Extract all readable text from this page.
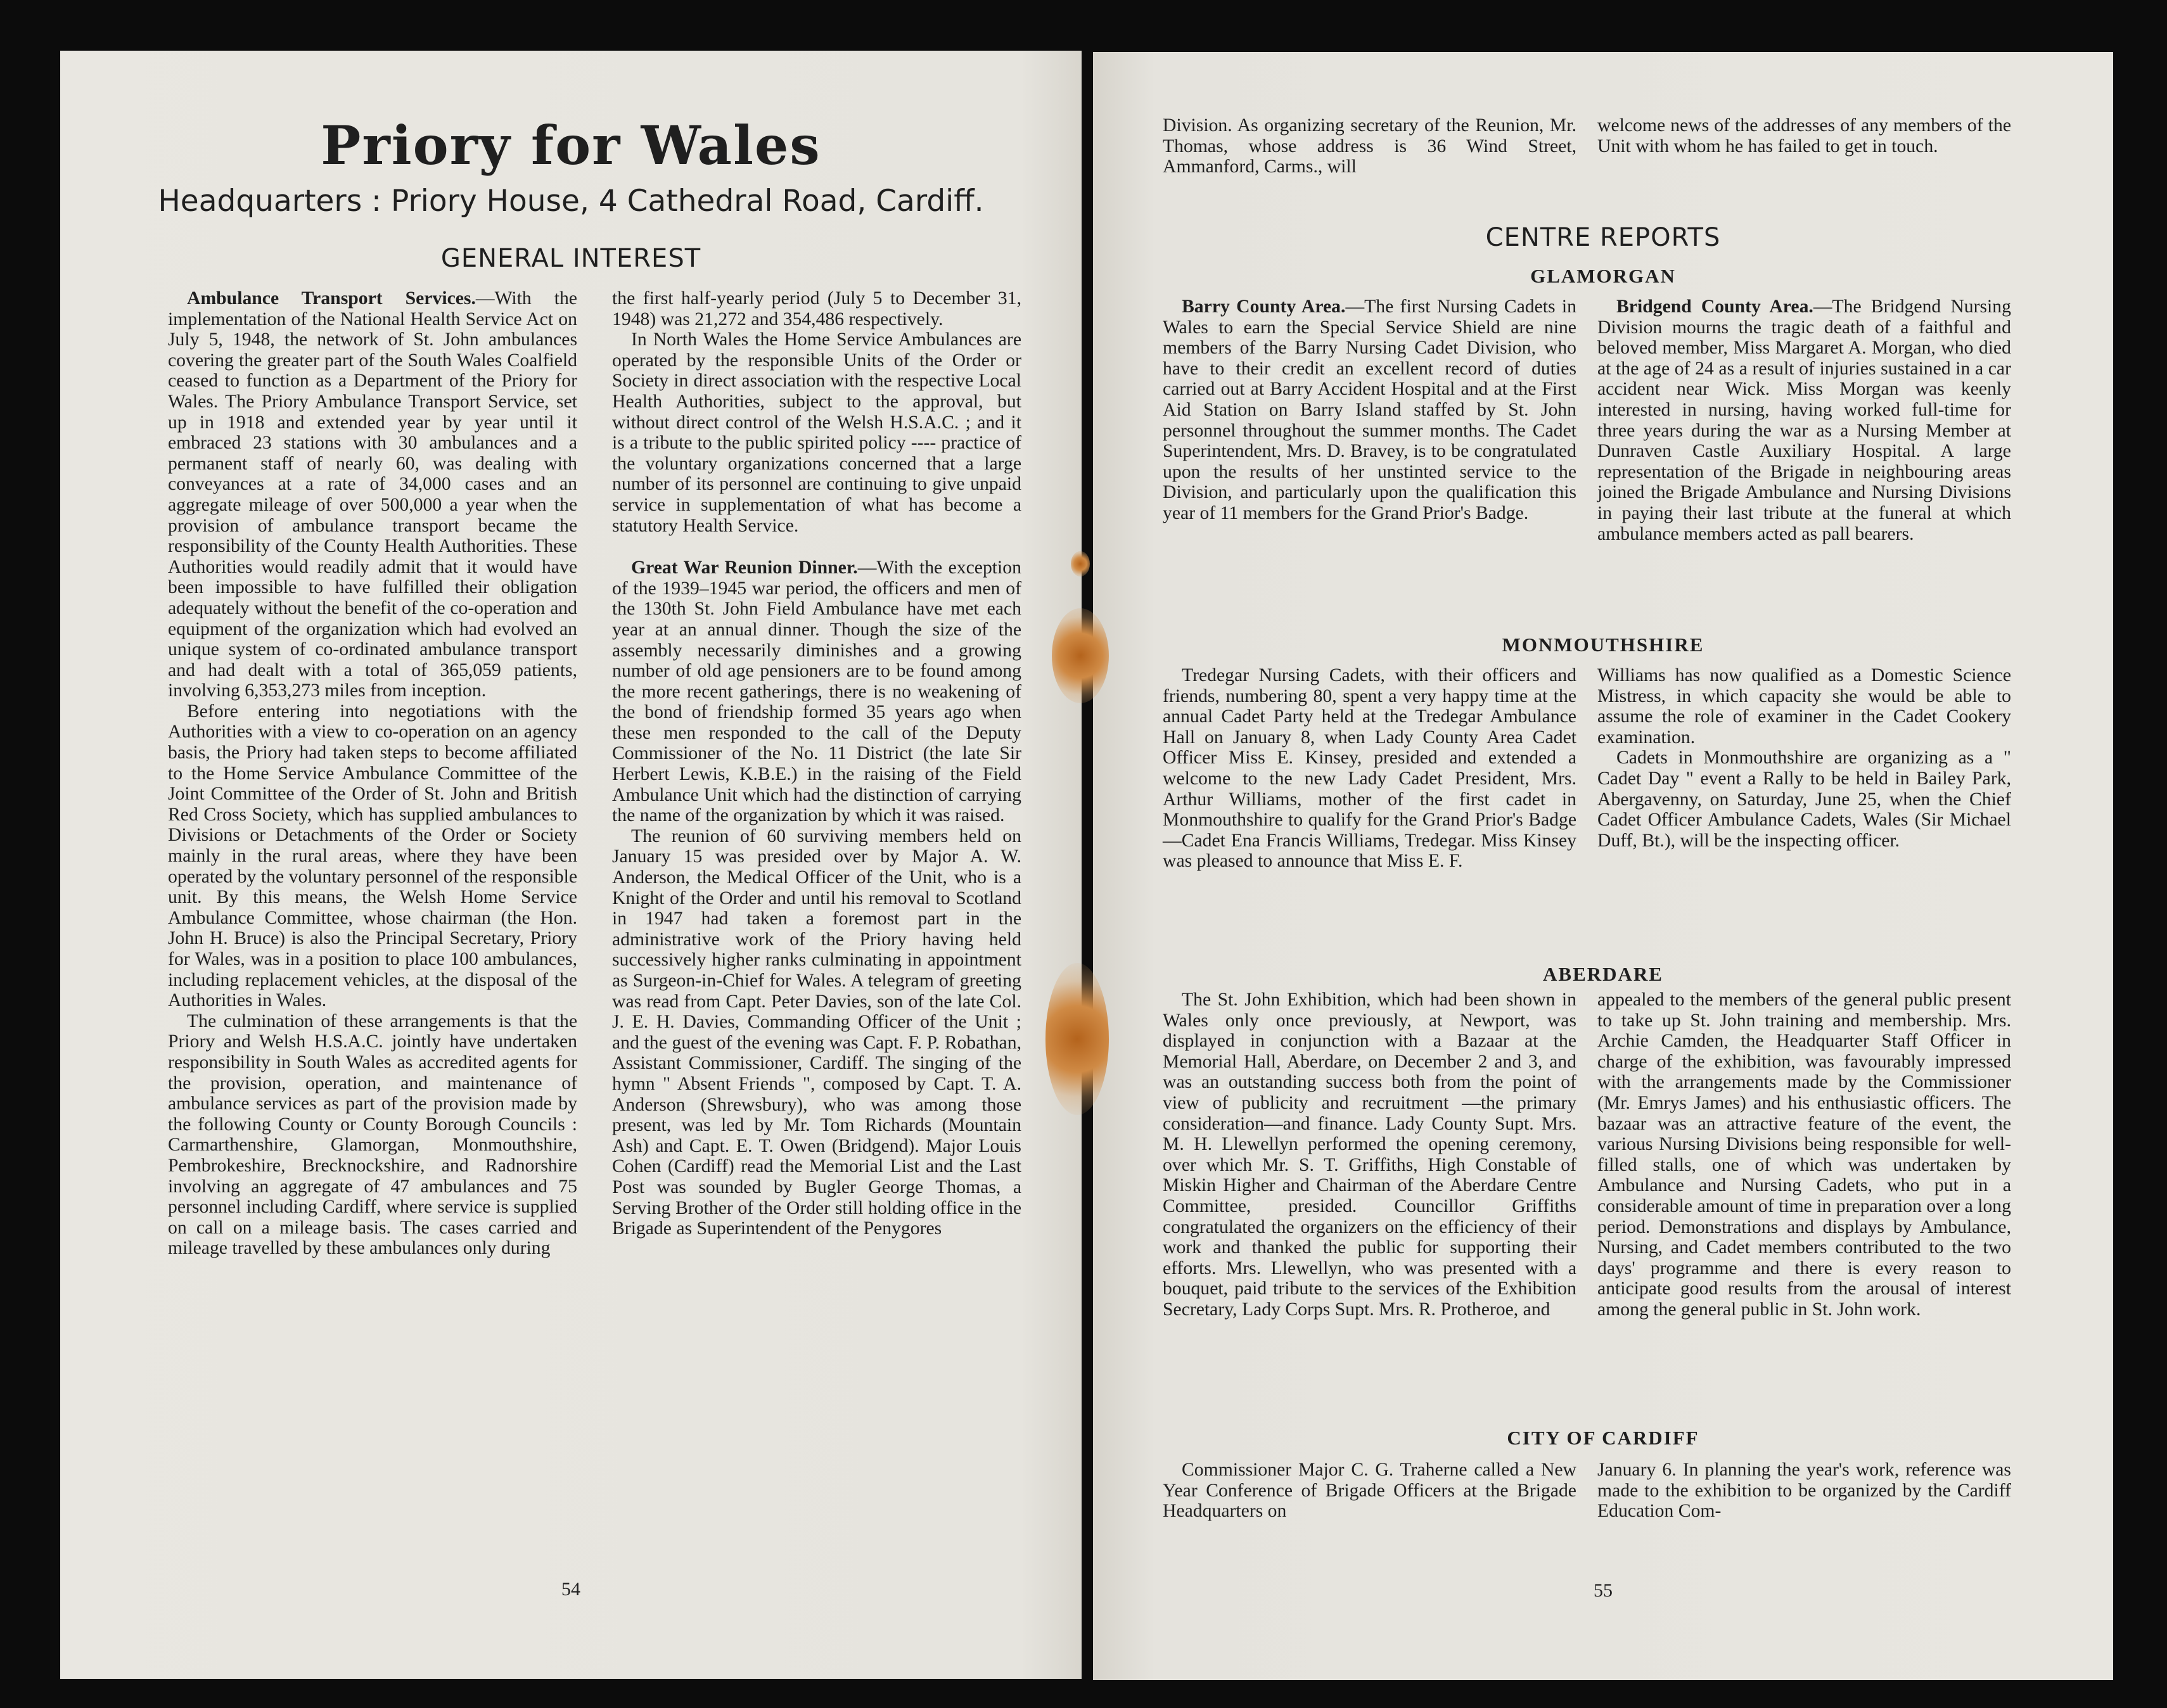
Priory for Wales
Headquarters : Priory House, 4 Cathedral Road, Cardiff.
GENERAL INTEREST

Ambulance Transport Services.—With the implementation of the National Health Service Act on July 5, 1948, the network of St. John ambulances covering the greater part of the South Wales Coalfield ceased to function as a Department of the Priory for Wales. The Priory Ambulance Transport Service, set up in 1918 and extended year by year until it embraced 23 stations with 30 ambulances and a permanent staff of nearly 60, was dealing with conveyances at a rate of 34,000 cases and an aggregate mileage of over 500,000 a year when the provision of ambulance transport became the responsibility of the County Health Authorities. These Authorities would readily admit that it would have been impossible to have fulfilled their obligation adequately without the benefit of the co-operation and equipment of the organization which had evolved an unique system of co-ordinated ambulance transport and had dealt with a total of 365,059 patients, involving 6,353,273 miles from inception.

Before entering into negotiations with the Authorities with a view to co-operation on an agency basis, the Priory had taken steps to become affiliated to the Home Service Ambulance Committee of the Joint Committee of the Order of St. John and British Red Cross Society, which has supplied ambulances to Divisions or Detachments of the Order or Society mainly in the rural areas, where they have been operated by the voluntary personnel of the responsible unit. By this means, the Welsh Home Service Ambulance Committee, whose chairman (the Hon. John H. Bruce) is also the Principal Secretary, Priory for Wales, was in a position to place 100 ambulances, including replacement vehicles, at the disposal of the Authorities in Wales.

The culmination of these arrangements is that the Priory and Welsh H.S.A.C. jointly have undertaken responsibility in South Wales as accredited agents for the provision, operation, and maintenance of ambulance services as part of the provision made by the following County or County Borough Councils : Carmarthenshire, Glamorgan, Monmouthshire, Pembrokeshire, Brecknockshire, and Radnorshire involving an aggregate of 47 ambulances and 75 personnel including Cardiff, where service is supplied on call on a mileage basis. The cases carried and mileage travelled by these ambulances only during

the first half-yearly period (July 5 to December 31, 1948) was 21,272 and 354,486 respectively.

In North Wales the Home Service Ambulances are operated by the responsible Units of the Order or Society in direct association with the respective Local Health Authorities, subject to the approval, but without direct control of the Welsh H.S.A.C. ; and it is a tribute to the public spirited policy ---- practice of the voluntary organizations concerned that a large number of its personnel are continuing to give unpaid service in supplementation of what has become a statutory Health Service.

Great War Reunion Dinner.—With the exception of the 1939–1945 war period, the officers and men of the 130th St. John Field Ambulance have met each year at an annual dinner. Though the size of the assembly necessarily diminishes and a growing number of old age pensioners are to be found among the more recent gatherings, there is no weakening of the bond of friendship formed 35 years ago when these men responded to the call of the Deputy Commissioner of the No. 11 District (the late Sir Herbert Lewis, K.B.E.) in the raising of the Field Ambulance Unit which had the distinction of carrying the name of the organization by which it was raised.

The reunion of 60 surviving members held on January 15 was presided over by Major A. W. Anderson, the Medical Officer of the Unit, who is a Knight of the Order and until his removal to Scotland in 1947 had taken a foremost part in the administrative work of the Priory having held successively higher ranks culminating in appointment as Surgeon-in-Chief for Wales. A telegram of greeting was read from Capt. Peter Davies, son of the late Col. J. E. H. Davies, Commanding Officer of the Unit ; and the guest of the evening was Capt. F. P. Robathan, Assistant Commissioner, Cardiff. The singing of the hymn " Absent Friends ", composed by Capt. T. A. Anderson (Shrewsbury), who was among those present, was led by Mr. Tom Richards (Mountain Ash) and Capt. E. T. Owen (Bridgend). Major Louis Cohen (Cardiff) read the Memorial List and the Last Post was sounded by Bugler George Thomas, a Serving Brother of the Order still holding office in the Brigade as Superintendent of the Penygores

54

Division. As organizing secretary of the Reunion, Mr. Thomas, whose address is 36 Wind Street, Ammanford, Carms., will

welcome news of the addresses of any members of the Unit with whom he has failed to get in touch.

CENTRE REPORTS
GLAMORGAN

Barry County Area.—The first Nursing Cadets in Wales to earn the Special Service Shield are nine members of the Barry Nursing Cadet Division, who have to their credit an excellent record of duties carried out at Barry Accident Hospital and at the First Aid Station on Barry Island staffed by St. John personnel throughout the summer months. The Cadet Superintendent, Mrs. D. Bravey, is to be congratulated upon the results of her unstinted service to the Division, and particularly upon the qualification this year of 11 members for the Grand Prior's Badge.

Bridgend County Area.—The Bridgend Nursing Division mourns the tragic death of a faithful and beloved member, Miss Margaret A. Morgan, who died at the age of 24 as a result of injuries sustained in a car accident near Wick. Miss Morgan was keenly interested in nursing, having worked full-time for three years during the war as a Nursing Member at Dunraven Castle Auxiliary Hospital. A large representation of the Brigade in neighbouring areas joined the Brigade Ambulance and Nursing Divisions in paying their last tribute at the funeral at which ambulance members acted as pall bearers.

MONMOUTHSHIRE

Tredegar Nursing Cadets, with their officers and friends, numbering 80, spent a very happy time at the annual Cadet Party held at the Tredegar Ambulance Hall on January 8, when Lady County Area Cadet Officer Miss E. Kinsey, presided and extended a welcome to the new Lady Cadet President, Mrs. Arthur Williams, mother of the first cadet in Monmouthshire to qualify for the Grand Prior's Badge—Cadet Ena Francis Williams, Tredegar. Miss Kinsey was pleased to announce that Miss E. F.

Williams has now qualified as a Domestic Science Mistress, in which capacity she would be able to assume the role of examiner in the Cadet Cookery examination.

Cadets in Monmouthshire are organizing as a " Cadet Day " event a Rally to be held in Bailey Park, Abergavenny, on Saturday, June 25, when the Chief Cadet Officer Ambulance Cadets, Wales (Sir Michael Duff, Bt.), will be the inspecting officer.

ABERDARE

The St. John Exhibition, which had been shown in Wales only once previously, at Newport, was displayed in conjunction with a Bazaar at the Memorial Hall, Aberdare, on December 2 and 3, and was an outstanding success both from the point of view of publicity and recruitment —the primary consideration—and finance. Lady County Supt. Mrs. M. H. Llewellyn performed the opening ceremony, over which Mr. S. T. Griffiths, High Constable of Miskin Higher and Chairman of the Aberdare Centre Committee, presided. Councillor Griffiths congratulated the organizers on the efficiency of their work and thanked the public for supporting their efforts. Mrs. Llewellyn, who was presented with a bouquet, paid tribute to the services of the Exhibition Secretary, Lady Corps Supt. Mrs. R. Protheroe, and

appealed to the members of the general public present to take up St. John training and membership. Mrs. Archie Camden, the Headquarter Staff Officer in charge of the exhibition, was favourably impressed with the arrangements made by the Commissioner (Mr. Emrys James) and his enthusiastic officers. The bazaar was an attractive feature of the event, the various Nursing Divisions being responsible for well-filled stalls, one of which was undertaken by Ambulance and Nursing Cadets, who put in a considerable amount of time in preparation over a long period. Demonstrations and displays by Ambulance, Nursing, and Cadet members contributed to the two days' programme and there is every reason to anticipate good results from the arousal of interest among the general public in St. John work.

CITY OF CARDIFF

Commissioner Major C. G. Traherne called a New Year Conference of Brigade Officers at the Brigade Headquarters on

January 6. In planning the year's work, reference was made to the exhibition to be organized by the Cardiff Education Com-

55
